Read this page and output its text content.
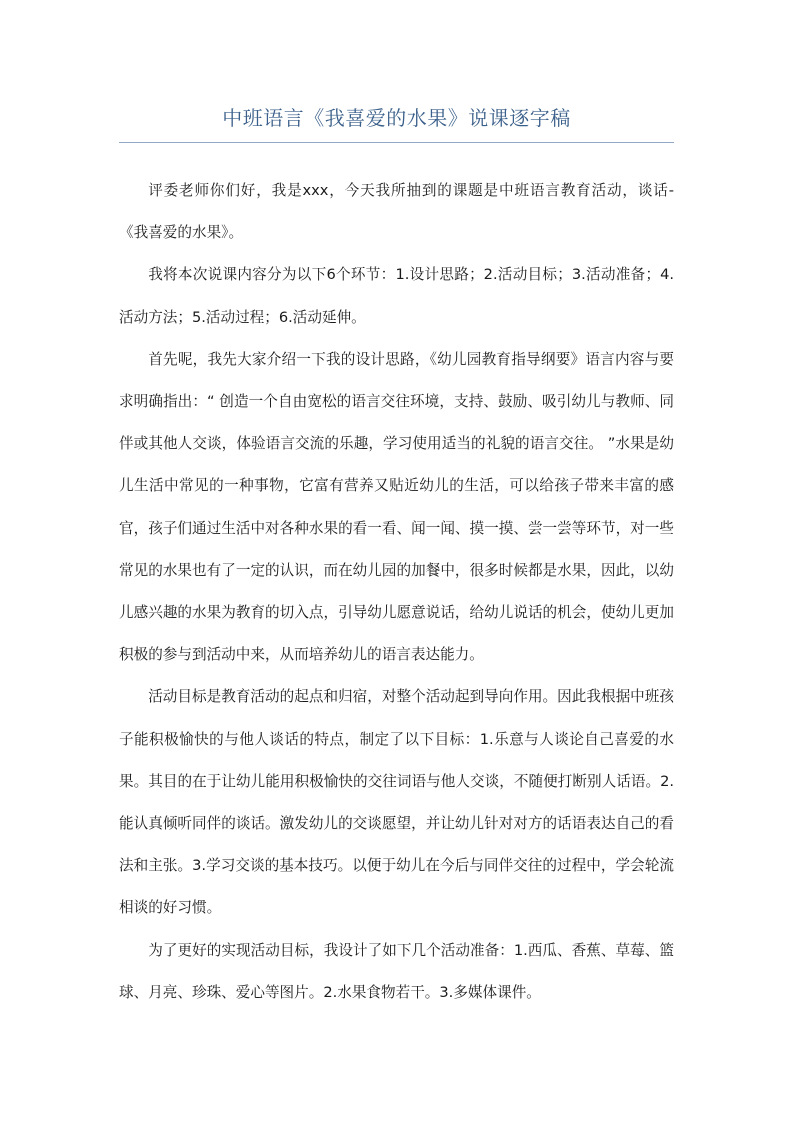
中班语言《我喜爱的水果》说课逐字稿

评委老师你们好，我是xxx，今天我所抽到的课题是中班语言教育活动，谈话-《我喜爱的水果》。

我将本次说课内容分为以下6个环节：1.设计思路；2.活动目标；3.活动准备；4.活动方法；5.活动过程；6.活动延伸。

首先呢，我先大家介绍一下我的设计思路，《幼儿园教育指导纲要》语言内容与要求明确指出：“ 创造一个自由宽松的语言交往环境，支持、鼓励、吸引幼儿与教师、同伴或其他人交谈，体验语言交流的乐趣，学习使用适当的礼貌的语言交往。 ”水果是幼儿生活中常见的一种事物，它富有营养又贴近幼儿的生活，可以给孩子带来丰富的感官，孩子们通过生活中对各种水果的看一看、闻一闻、摸一摸、尝一尝等环节，对一些常见的水果也有了一定的认识，而在幼儿园的加餐中，很多时候都是水果，因此，以幼儿感兴趣的水果为教育的切入点，引导幼儿愿意说话，给幼儿说话的机会，使幼儿更加积极的参与到活动中来，从而培养幼儿的语言表达能力。

活动目标是教育活动的起点和归宿，对整个活动起到导向作用。因此我根据中班孩子能积极愉快的与他人谈话的特点，制定了以下目标：1.乐意与人谈论自己喜爱的水果。其目的在于让幼儿能用积极愉快的交往词语与他人交谈，不随便打断别人话语。2.能认真倾听同伴的谈话。激发幼儿的交谈愿望，并让幼儿针对对方的话语表达自己的看法和主张。3.学习交谈的基本技巧。以便于幼儿在今后与同伴交往的过程中，学会轮流相谈的好习惯。

为了更好的实现活动目标，我设计了如下几个活动准备：1.西瓜、香蕉、草莓、篮球、月亮、珍珠、爱心等图片。2.水果食物若干。3.多媒体课件。
